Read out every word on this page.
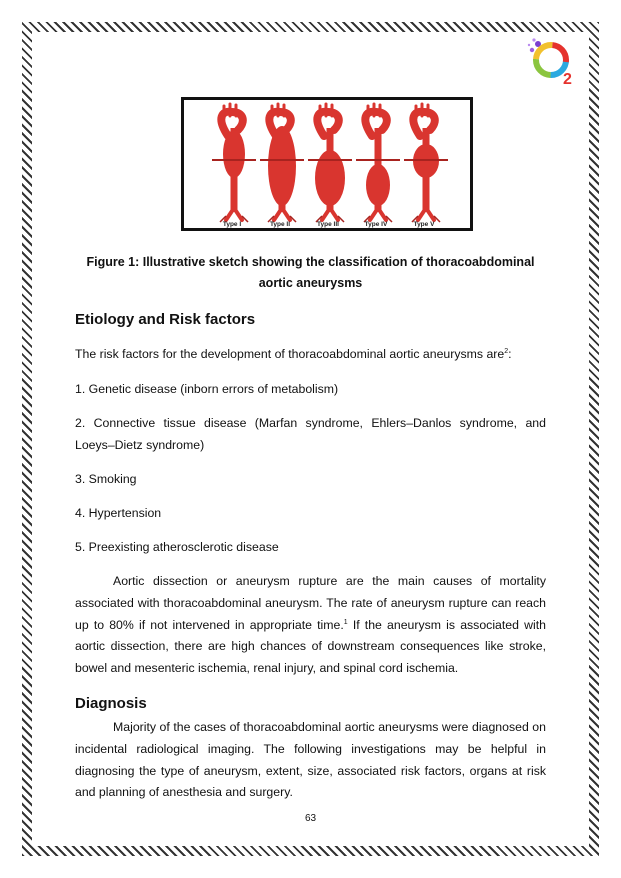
2
Type I	Type II	Type III	Type IV	Type V
Figure 1: Illustrative sketch showing the classification of thoracoabdominal
aortic aneurysms
Etiology and Risk factors
The risk factors for the development of thoracoabdominal aortic aneurysms are$^2$:
1. Genetic disease (inborn errors of metabolism)
2. Connective tissue disease (Marfan syndrome, Ehlers–Danlos syndrome, and Loeys–Dietz syndrome)
3. Smoking
4. Hypertension
5. Preexisting atherosclerotic disease
Aortic dissection or aneurysm rupture are the main causes of mortality associated with thoracoabdominal aneurysm. The rate of aneurysm rupture can reach up to 80% if not intervened in appropriate time.$^1$ If the aneurysm is associated with aortic dissection, there are high chances of downstream consequences like stroke, bowel and mesenteric ischemia, renal injury, and spinal cord ischemia.
Diagnosis
Majority of the cases of thoracoabdominal aortic aneurysms were diagnosed on incidental radiological imaging. The following investigations may be helpful in diagnosing the type of aneurysm, extent, size, associated risk factors, organs at risk and planning of anesthesia and surgery.
63
